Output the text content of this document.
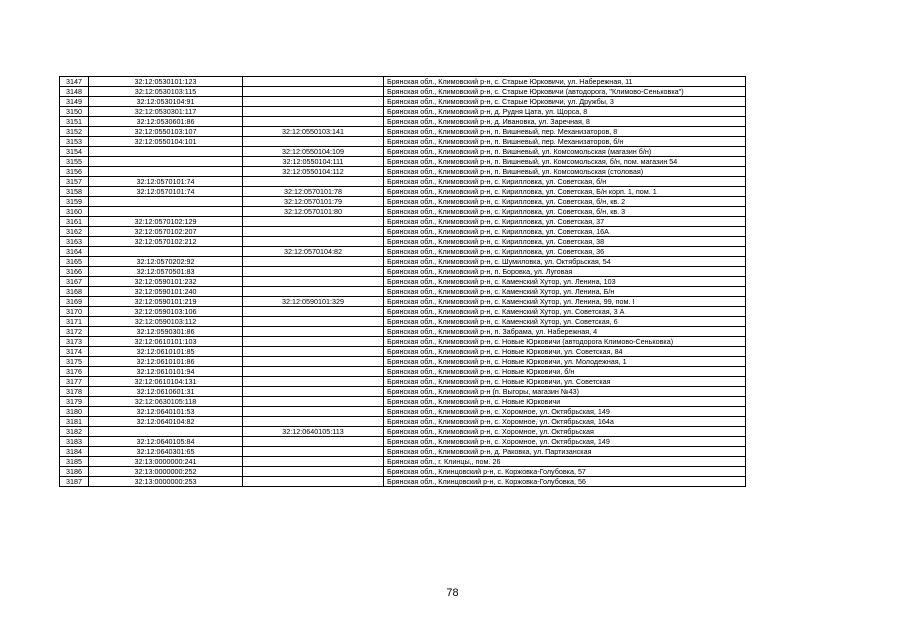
3147	32:12:0530101:123		Брянская обл., Климовский р-н, с. Старые Юрковичи, ул. Набережная, 11
3148	32:12:0530103:115		Брянская обл., Климовский р-н, с. Старые Юрковичи (автодорога, "Климово-Сеньковка")
3149	32:12:0530104:91		Брянская обл., Климовский р-н, с. Старые Юрковичи, ул. Дружбы, 3
3150	32:12:0530301:117		Брянская обл., Климовский р-н, д. Рудня Цата, ул. Щорса, 8
3151	32:12:0530601:86		Брянская обл., Климовский р-н, д. Ивановка, ул. Заречная, 8
3152	32:12:0550103:107	32:12:0550103:141	Брянская обл., Климовский р-н, п. Вишневый, пер. Механизаторов, 8
3153	32:12:0550104:101		Брянская обл., Климовский р-н, п. Вишневый, пер. Механизаторов, б/н
3154		32:12:0550104:109	Брянская обл., Климовский р-н, п. Вишневый, ул. Комсомольская (магазин б/н)
3155		32:12:0550104:111	Брянская обл., Климовский р-н, п. Вишневый, ул. Комсомольская, б/н, пом. магазин 54
3156		32:12:0550104:112	Брянская обл., Климовский р-н, п. Вишневый, ул. Комсомольская (столовая)
3157	32:12:0570101:74		Брянская обл., Климовский р-н, с. Кирилловка, ул. Советская, б/н
3158	32:12:0570101:74	32:12:0570101:78	Брянская обл., Климовский р-н, с. Кирилловка, ул. Советская, Б/н корп. 1, пом. 1
3159		32:12:0570101:79	Брянская обл., Климовский р-н, с. Кирилловка, ул. Советская, б/н, кв. 2
3160		32:12:0570101:80	Брянская обл., Климовский р-н, с. Кирилловка, ул. Советская, б/н, кв. 3
3161	32:12:0570102:129		Брянская обл., Климовский р-н, с. Кирилловка, ул. Советская, 37
3162	32:12:0570102:207		Брянская обл., Климовский р-н, с. Кирилловка, ул. Советская, 16А
3163	32:12:0570102:212		Брянская обл., Климовский р-н, с. Кирилловка, ул. Советская, 38
3164		32:12:0570104:82	Брянская обл., Климовский р-н, с. Кирилловка, ул. Советская, 36
3165	32:12:0570202:92		Брянская обл., Климовский р-н, с. Шумиловка, ул. Октябрьская, 54
3166	32:12:0570501:83		Брянская обл., Климовский р-н, п. Боровка, ул. Луговая
3167	32:12:0590101:232		Брянская обл., Климовский р-н, с. Каменский Хутор, ул. Ленина, 103
3168	32:12:0590101:240		Брянская обл., Климовский р-н, с. Каменский Хутор, ул. Ленина, Б/н
3169	32:12:0590101:219	32:12:0590101:329	Брянская обл., Климовский р-н, с. Каменский Хутор, ул. Ленина, 99, пом. I
3170	32:12:0590103:106		Брянская обл., Климовский р-н, с. Каменский Хутор, ул. Советская, 3 А
3171	32:12:0590103:112		Брянская обл., Климовский р-н, с. Каменский Хутор, ул. Советская, 6
3172	32:12:0590301:86		Брянская обл., Климовский р-н, п. Забрама, ул. Набережная, 4
3173	32:12:0610101:103		Брянская обл., Климовский р-н, с. Новые Юрковичи (автодорога Климово-Сеньковка)
3174	32:12:0610101:85		Брянская обл., Климовский р-н, с. Новые Юрковичи, ул. Советская, 84
3175	32:12:0610101:86		Брянская обл., Климовский р-н, с. Новые Юрковичи, ул. Молодежная, 1
3176	32:12:0610101:94		Брянская обл., Климовский р-н, с. Новые Юрковичи, б/н
3177	32:12:0610104:131		Брянская обл., Климовский р-н, с. Новые Юрковичи, ул. Советская
3178	32:12:0610601:31		Брянская обл., Климовский р-н (п. Выгоры, магазин №43)
3179	32:12:0630105:118		Брянская обл., Климовский р-н, с. Новые Юрковичи
3180	32:12:0640101:53		Брянская обл., Климовский р-н, с. Хоромное, ул. Октябрьская, 149
3181	32:12:0640104:82		Брянская обл., Климовский р-н, с. Хоромное, ул. Октябрьская, 164а
3182		32:12:0640105:113	Брянская обл., Климовский р-н, с. Хоромное, ул. Октябрьская
3183	32:12:0640105:84		Брянская обл., Климовский р-н, с. Хоромное, ул. Октябрьская, 149
3184	32:12:0640301:65		Брянская обл., Климовский р-н, д. Раковка, ул. Партизанская
3185	32:13:0000000:241		Брянская обл., г. Клинцы,, пом. 26
3186	32:13:0000000:252		Брянская обл., Клинцовский р-н, с. Коржовка-Голубовка, 57
3187	32:13:0000000:253		Брянская обл., Клинцовский р-н, с. Коржовка-Голубовка, 56
78
